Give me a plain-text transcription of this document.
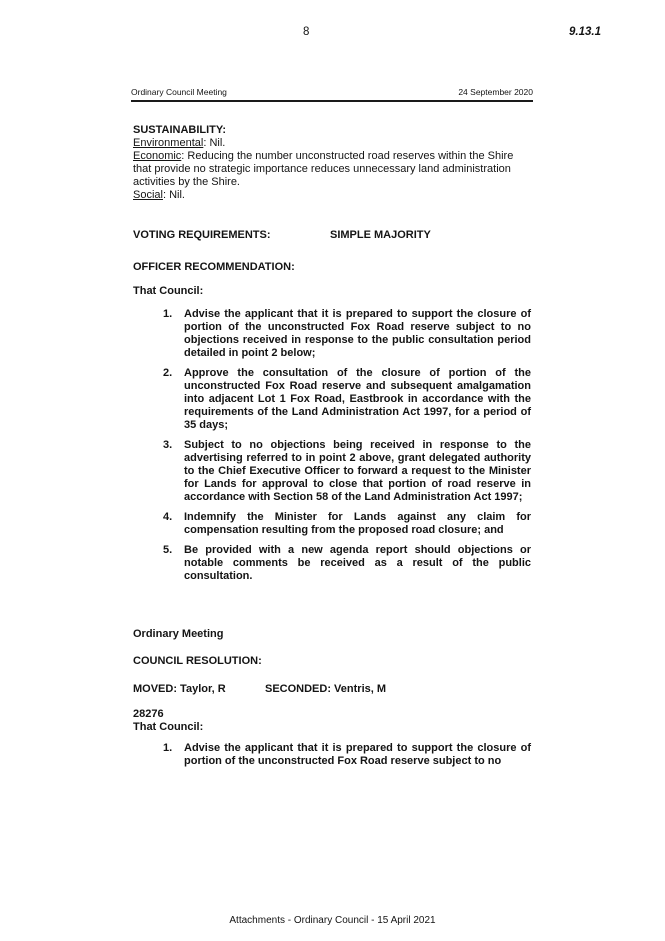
8	9.13.1
Ordinary Council Meeting	24 September 2020
SUSTAINABILITY:
Environmental: Nil.
Economic: Reducing the number unconstructed road reserves within the Shire that provide no strategic importance reduces unnecessary land administration activities by the Shire.
Social: Nil.
VOTING REQUIREMENTS:	SIMPLE MAJORITY
OFFICER RECOMMENDATION:
That Council:
1.	Advise the applicant that it is prepared to support the closure of portion of the unconstructed Fox Road reserve subject to no objections received in response to the public consultation period detailed in point 2 below;
2.	Approve the consultation of the closure of portion of the unconstructed Fox Road reserve and subsequent amalgamation into adjacent Lot 1 Fox Road, Eastbrook in accordance with the requirements of the Land Administration Act 1997, for a period of 35 days;
3.	Subject to no objections being received in response to the advertising referred to in point 2 above, grant delegated authority to the Chief Executive Officer to forward a request to the Minister for Lands for approval to close that portion of road reserve in accordance with Section 58 of the Land Administration Act 1997;
4.	Indemnify the Minister for Lands against any claim for compensation resulting from the proposed road closure; and
5.	Be provided with a new agenda report should objections or notable comments be received as a result of the public consultation.
Ordinary Meeting
COUNCIL RESOLUTION:
MOVED: Taylor, R	SECONDED: Ventris, M
28276
That Council:
1.	Advise the applicant that it is prepared to support the closure of portion of the unconstructed Fox Road reserve subject to no
Attachments - Ordinary Council - 15 April 2021
